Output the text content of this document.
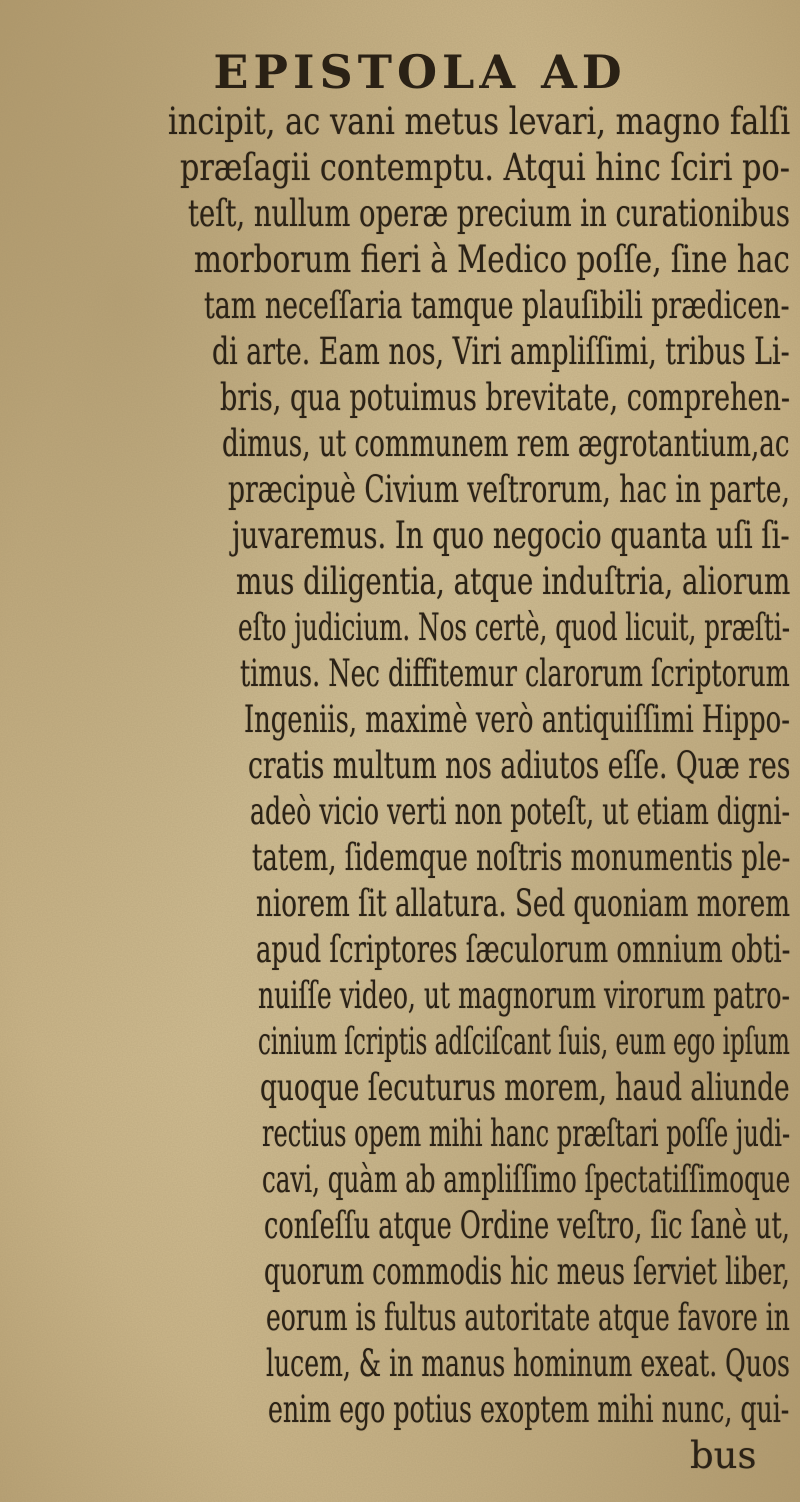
EPISTOLA AD
incipit, ac vani metus levari, magno falſi
præſagii contemptu. Atqui hinc ſciri po-
teſt, nullum operæ precium in curationibus
morborum fieri à Medico poſſe, ſine hac
tam neceſſaria tamque plauſibili prædicen-
di arte. Eam nos, Viri ampliſſimi, tribus Li-
bris, qua potuimus brevitate, comprehen-
dimus, ut communem rem ægrotantium,ac
præcipuè Civium veſtrorum, hac in parte,
juvaremus. In quo negocio quanta uſi ſi-
mus diligentia, atque induſtria, aliorum
eſto judicium. Nos certè, quod licuit, præſti-
timus. Nec diffitemur clarorum ſcriptorum
Ingeniis, maximè verò antiquiſſimi Hippo-
cratis multum nos adiutos eſſe. Quæ res
adeò vicio verti non poteſt, ut etiam digni-
tatem, ſidemque noſtris monumentis ple-
niorem ſit allatura. Sed quoniam morem
apud ſcriptores ſæculorum omnium obti-
nuiſſe video, ut magnorum virorum patro-
cinium ſcriptis adſciſcant ſuis, eum ego ipſum
quoque ſecuturus morem, haud aliunde
rectius opem mihi hanc præſtari poſſe judi-
cavi, quàm ab ampliſſimo ſpectatiſſimoque
conſeſſu atque Ordine veſtro, ſic ſanè ut,
quorum commodis hic meus ſerviet liber,
eorum is fultus autoritate atque favore in
lucem, & in manus hominum exeat. Quos
enim ego potius exoptem mihi nunc, qui-
bus
